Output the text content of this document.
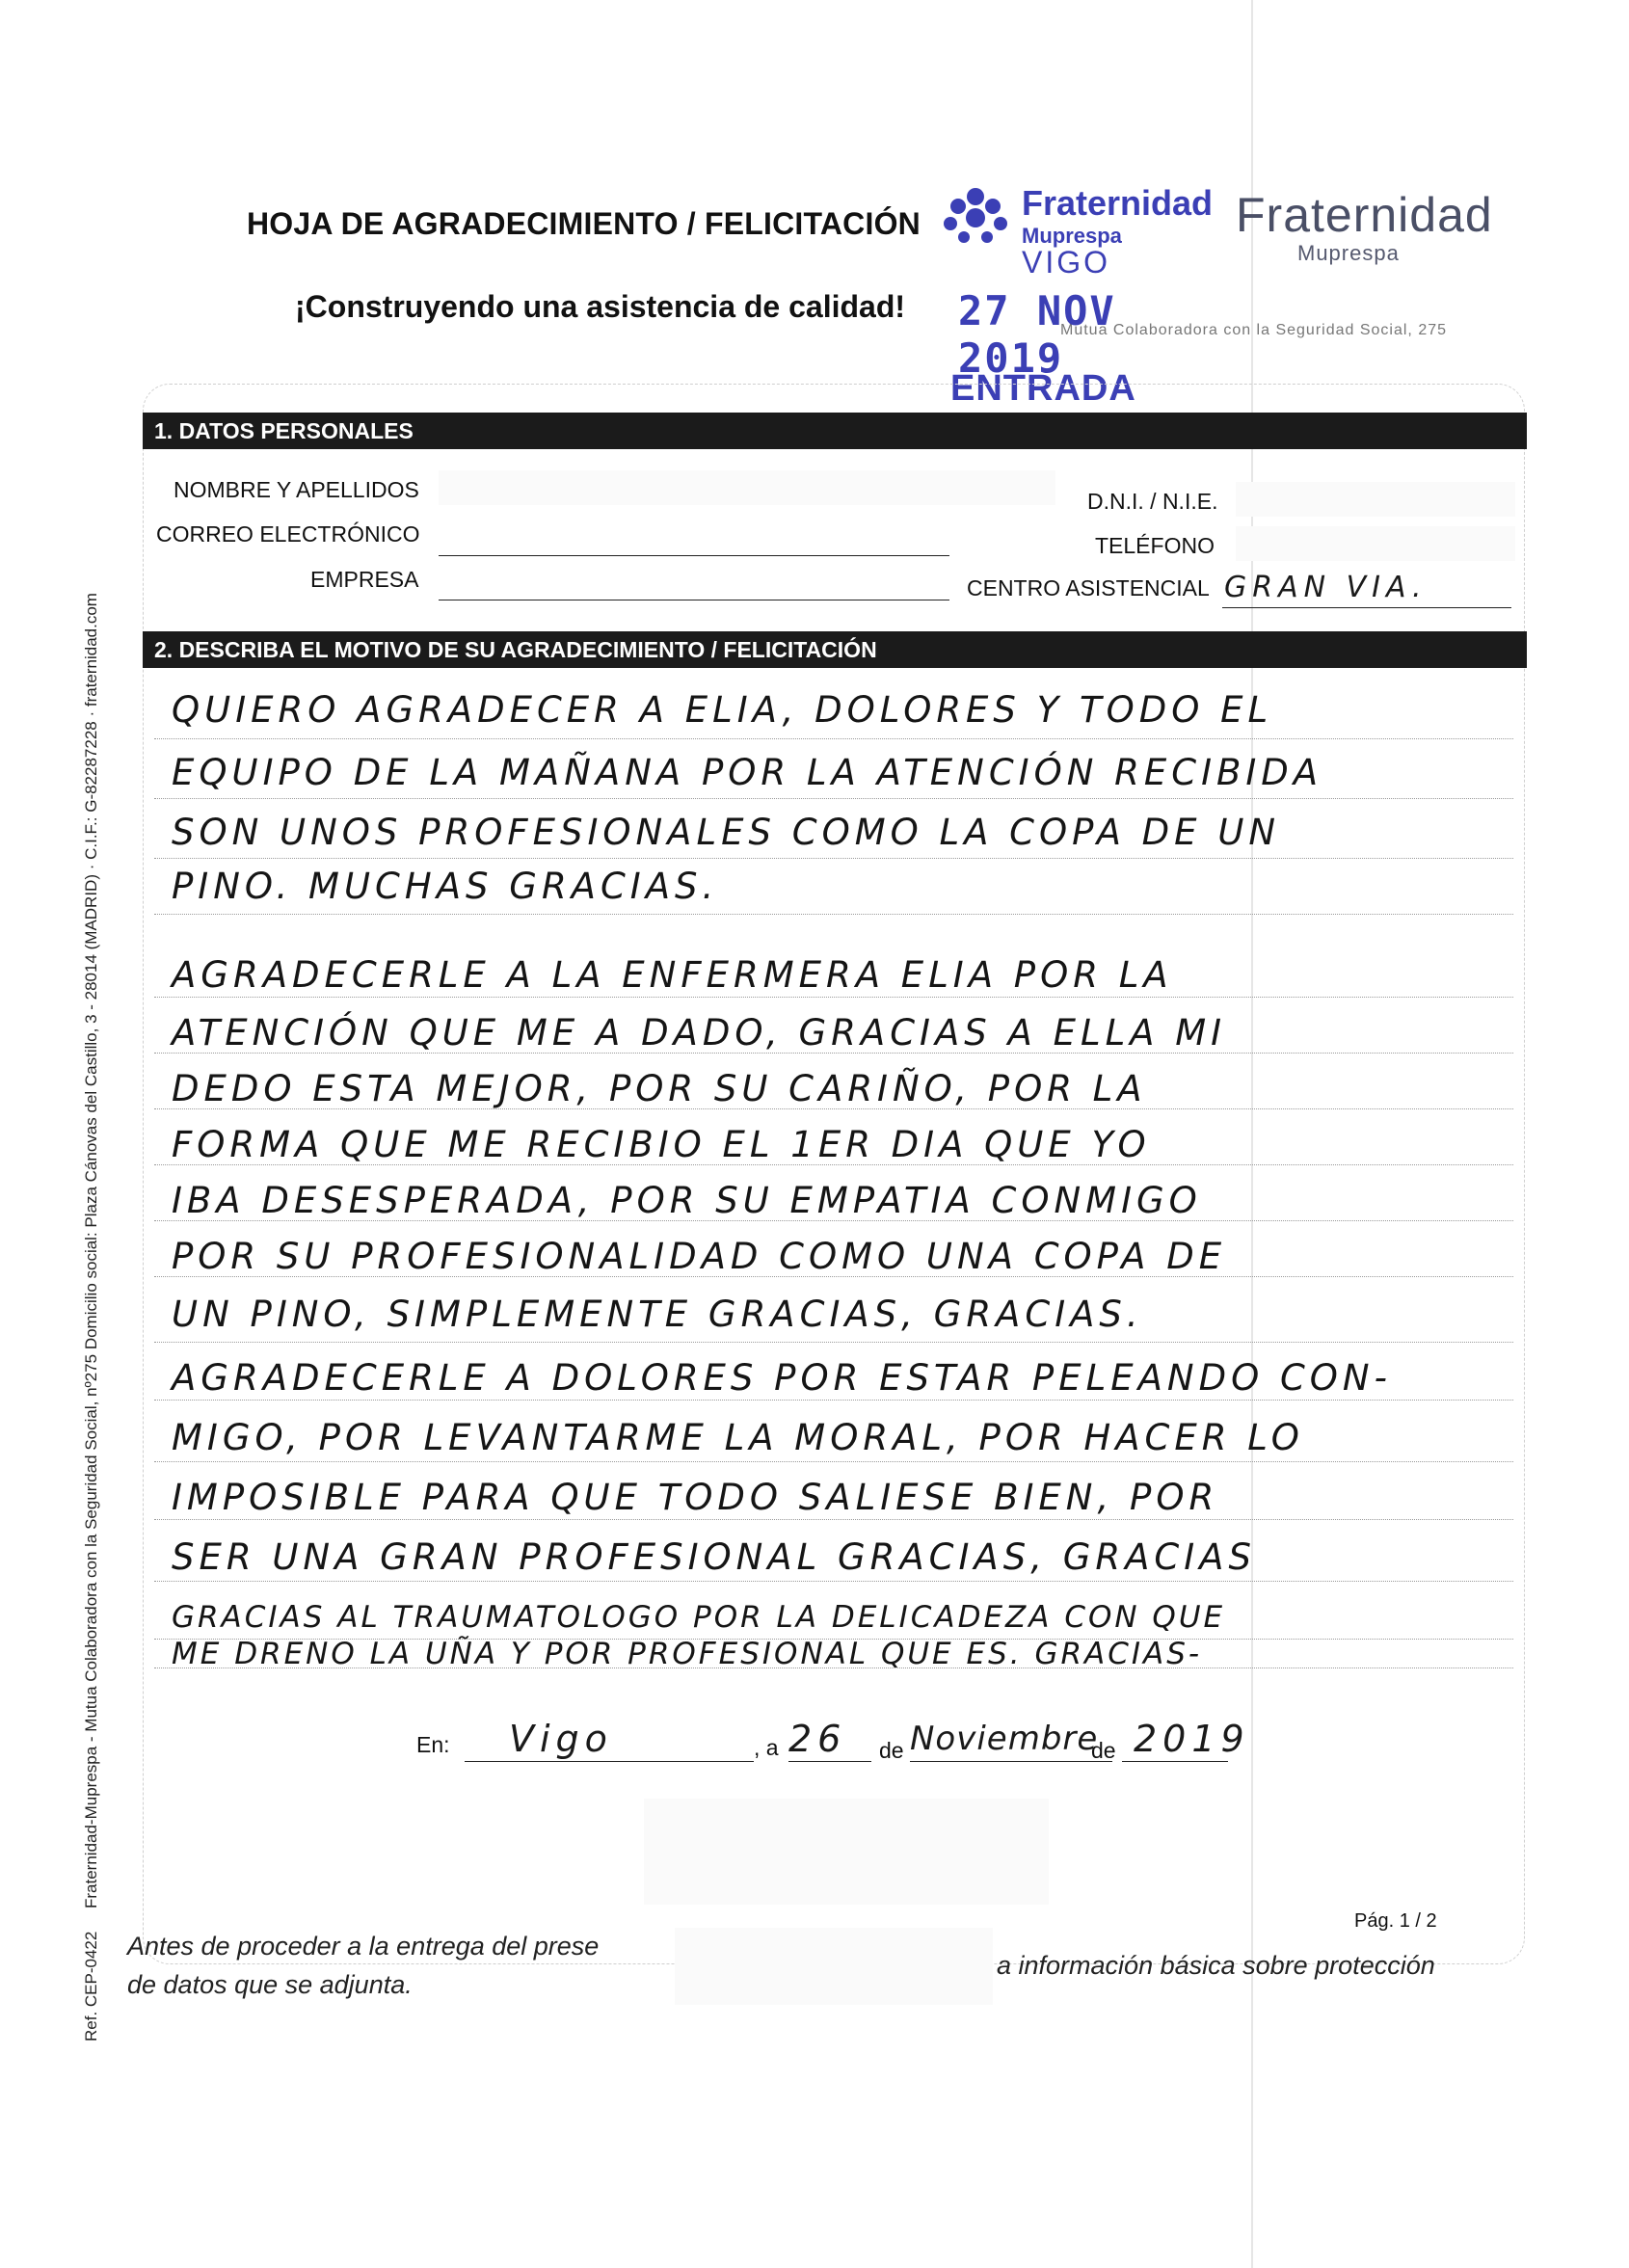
HOJA DE AGRADECIMIENTO / FELICITACIÓN
¡Construyendo una asistencia de calidad!
Fraternidad
Muprespa
Mutua Colaboradora con la Seguridad Social, 275
Fraternidad
Muprespa
VIGO
27 NOV 2019
ENTRADA
1. DATOS PERSONALES
NOMBRE Y APELLIDOS
CORREO ELECTRÓNICO
EMPRESA
D.N.I. / N.I.E.
TELÉFONO
CENTRO ASISTENCIAL GRAN VIA.
2. DESCRIBA EL MOTIVO DE SU AGRADECIMIENTO / FELICITACIÓN
QUIERO AGRADECER A ELIA, DOLORES Y TODO EL
EQUIPO DE LA MAÑANA POR LA ATENCIÓN RECIBIDA
SON UNOS PROFESIONALES COMO LA COPA DE UN
PINO. MUCHAS GRACIAS.
AGRADECERLE A LA ENFERMERA ELIA POR LA
ATENCIÓN QUE ME A DADO, GRACIAS A ELLA MI
DEDO ESTA MEJOR, POR SU CARIÑO, POR LA
FORMA QUE ME RECIBIO EL 1ER DIA QUE YO
IBA DESESPERADA, POR SU EMPATIA CONMIGO
POR SU PROFESIONALIDAD COMO UNA COPA DE
UN PINO, SIMPLEMENTE GRACIAS, GRACIAS.
AGRADECERLE A DOLORES POR ESTAR PELEANDO CON-
MIGO, POR LEVANTARME LA MORAL, POR HACER LO
IMPOSIBLE PARA QUE TODO SALIESE BIEN, POR
SER UNA GRAN PROFESIONAL GRACIAS, GRACIAS
GRACIAS AL TRAUMATOLOGO POR LA DELICADEZA CON QUE
ME DRENO LA UÑA Y POR PROFESIONAL QUE ES. GRACIAS-
En: Vigo	, a 26 de Noviembre
de 2019
Pág. 1 / 2
Antes de proceder a la entrega del prese
de datos que se adjunta.
a información básica sobre protección
Fraternidad-Muprespa - Mutua Colaboradora con la Seguridad Social, nº275 Domicilio social: Plaza Cánovas del Castillo, 3 - 28014 (MADRID) · C.I.F.: G-82287228 · fraternidad.com
Ref. CEP-0422
